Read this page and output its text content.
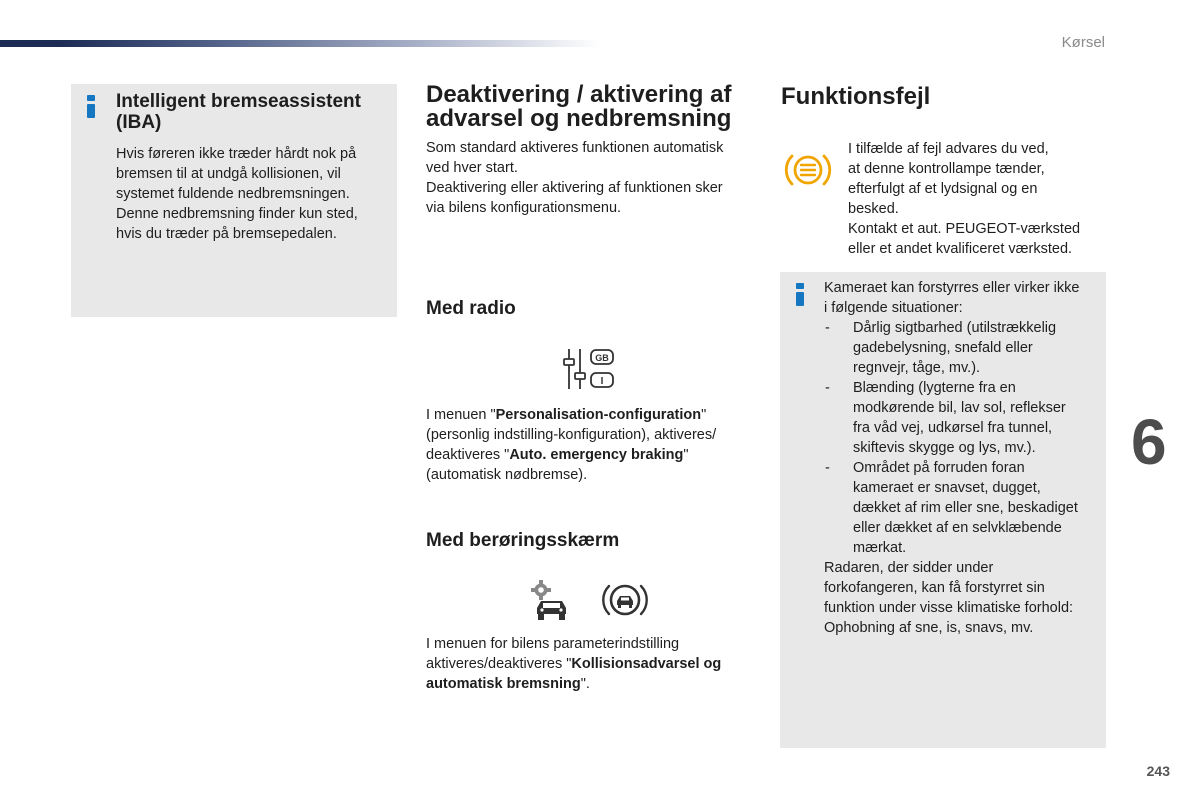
Kørsel
Intelligent bremseassistent (IBA)
Hvis føreren ikke træder hårdt nok på
bremsen til at undgå kollisionen, vil
systemet fuldende nedbremsningen.
Denne nedbremsning finder kun sted,
hvis du træder på bremsepedalen.
Deaktivering / aktivering af advarsel og nedbremsning
Som standard aktiveres funktionen automatisk
ved hver start.
Deaktivering eller aktivering af funktionen sker
via bilens konfigurationsmenu.
Med radio
GB
I
I menuen "Personalisation-configuration"
(personlig indstilling-konfiguration), aktiveres/
deaktiveres "Auto. emergency braking"
(automatisk nødbremse).
Med berøringsskærm
I menuen for bilens parameterindstilling
aktiveres/deaktiveres "Kollisionsadvarsel og
automatisk bremsning".
Funktionsfejl
I tilfælde af fejl advares du ved,
at denne kontrollampe tænder,
efterfulgt af et lydsignal og en
besked.
Kontakt et aut. PEUGEOT-værksted
eller et andet kvalificeret værksted.
Kameraet kan forstyrres eller virker ikke
i følgende situationer:
- Dårlig sigtbarhed (utilstrækkelig
gadebelysning, snefald eller
regnvejr, tåge, mv.).
- Blænding (lygterne fra en
modkørende bil, lav sol, reflekser
fra våd vej, udkørsel fra tunnel,
skiftevis skygge og lys, mv.).
- Området på forruden foran
kameraet er snavset, dugget,
dækket af rim eller sne, beskadiget
eller dækket af en selvklæbende
mærkat.
Radaren, der sidder under
forkofangeren, kan få forstyrret sin
funktion under visse klimatiske forhold:
Ophobning af sne, is, snavs, mv.
6
243
